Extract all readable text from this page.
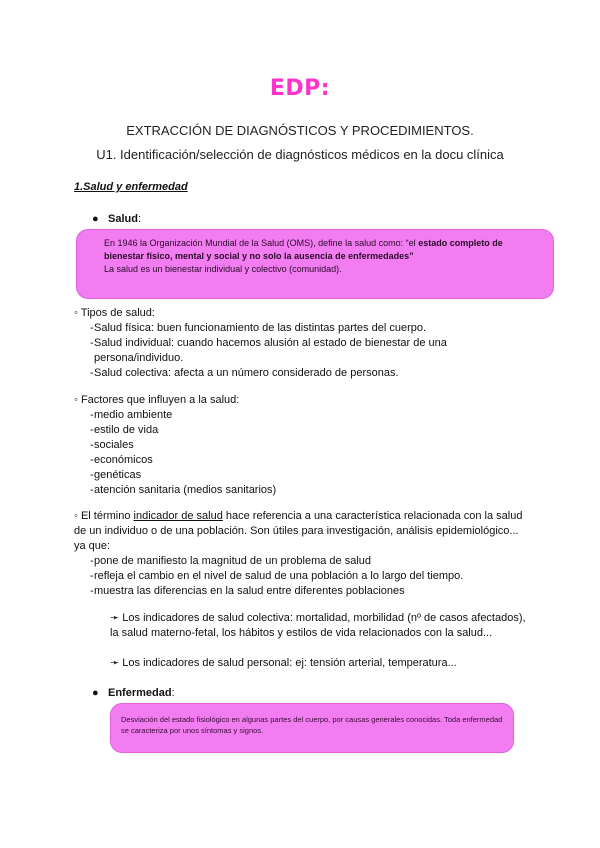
EDP:
EXTRACCIÓN DE DIAGNÓSTICOS Y PROCEDIMIENTOS.
U1. Identificación/selección de diagnósticos médicos en la docu clínica
1.Salud y enfermedad
● Salud:

En 1946 la Organización Mundial de la Salud (OMS), define la salud como: “el estado completo de bienestar físico, mental y social y no solo la ausencia de enfermedades”

La salud es un bienestar individual y colectivo (comunidad).

◦ Tipos de salud:
- Salud física: buen funcionamiento de las distintas partes del cuerpo.
- Salud individual: cuando hacemos alusión al estado de bienestar de una persona/individuo.
- Salud colectiva: afecta a un número considerado de personas.
◦ Factores que influyen a la salud:
- medio ambiente
- estilo de vida
- sociales
- económicos
- genéticas
- atención sanitaria (medios sanitarios)
◦ El término indicador de salud hace referencia a una característica relacionada con la salud de un individuo o de una población. Son útiles para investigación, análisis epidemiológico... ya que:
- pone de manifiesto la magnitud de un problema de salud
- refleja el cambio en el nivel de salud de una población a lo largo del tiempo.
- muestra las diferencias en la salud entre diferentes poblaciones
➛ Los indicadores de salud colectiva: mortalidad, morbilidad (nº de casos afectados), la salud materno-fetal, los hábitos y estilos de vida relacionados con la salud...
➛ Los indicadores de salud personal: ej: tensión arterial, temperatura...
● Enfermedad:
Desviación del estado fisiológico en algunas partes del cuerpo, por causas generales conocidas. Toda enfermedad se caracteriza por unos síntomas y signos.
